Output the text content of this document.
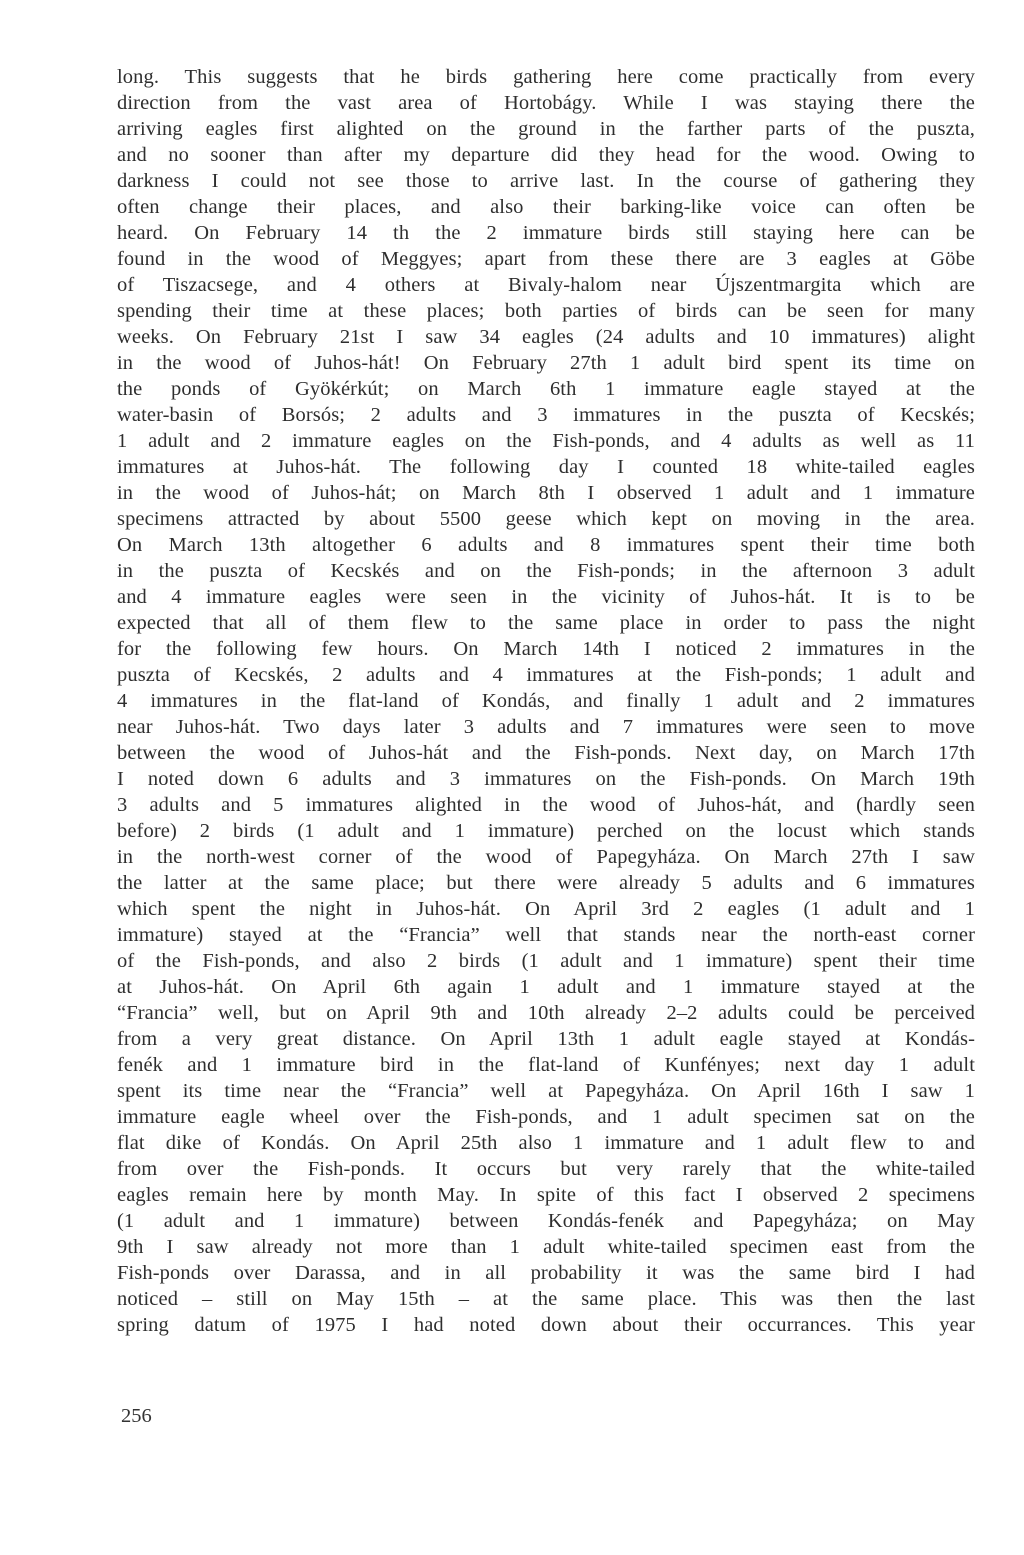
long. This suggests that he birds gathering here come practically from every
direction from the vast area of Hortobágy. While I was staying there the
arriving eagles first alighted on the ground in the farther parts of the puszta,
and no sooner than after my departure did they head for the wood. Owing to
darkness I could not see those to arrive last. In the course of gathering they
often change their places, and also their barking-like voice can often be
heard. On February 14 th the 2 immature birds still staying here can be
found in the wood of Meggyes; apart from these there are 3 eagles at Göbe
of Tiszacsege, and 4 others at Bivaly-halom near Újszentmargita which are
spending their time at these places; both parties of birds can be seen for many
weeks. On February 21st I saw 34 eagles (24 adults and 10 immatures) alight
in the wood of Juhos-hát! On February 27th 1 adult bird spent its time on
the ponds of Gyökérkút; on March 6th 1 immature eagle stayed at the
water-basin of Borsós; 2 adults and 3 immatures in the puszta of Kecskés;
1 adult and 2 immature eagles on the Fish-ponds, and 4 adults as well as 11
immatures at Juhos-hát. The following day I counted 18 white-tailed eagles
in the wood of Juhos-hát; on March 8th I observed 1 adult and 1 immature
specimens attracted by about 5500 geese which kept on moving in the area.
On March 13th altogether 6 adults and 8 immatures spent their time both
in the puszta of Kecskés and on the Fish-ponds; in the afternoon 3 adult
and 4 immature eagles were seen in the vicinity of Juhos-hát. It is to be
expected that all of them flew to the same place in order to pass the night
for the following few hours. On March 14th I noticed 2 immatures in the
puszta of Kecskés, 2 adults and 4 immatures at the Fish-ponds; 1 adult and
4 immatures in the flat-land of Kondás, and finally 1 adult and 2 immatures
near Juhos-hát. Two days later 3 adults and 7 immatures were seen to move
between the wood of Juhos-hát and the Fish-ponds. Next day, on March 17th
I noted down 6 adults and 3 immatures on the Fish-ponds. On March 19th
3 adults and 5 immatures alighted in the wood of Juhos-hát, and (hardly seen
before) 2 birds (1 adult and 1 immature) perched on the locust which stands
in the north-west corner of the wood of Papegyháza. On March 27th I saw
the latter at the same place; but there were already 5 adults and 6 immatures
which spent the night in Juhos-hát. On April 3rd 2 eagles (1 adult and 1
immature) stayed at the “Francia” well that stands near the north-east corner
of the Fish-ponds, and also 2 birds (1 adult and 1 immature) spent their time
at Juhos-hát. On April 6th again 1 adult and 1 immature stayed at the
“Francia” well, but on April 9th and 10th already 2–2 adults could be perceived
from a very great distance. On April 13th 1 adult eagle stayed at Kondás-
fenék and 1 immature bird in the flat-land of Kunfényes; next day 1 adult
spent its time near the “Francia” well at Papegyháza. On April 16th I saw 1
immature eagle wheel over the Fish-ponds, and 1 adult specimen sat on the
flat dike of Kondás. On April 25th also 1 immature and 1 adult flew to and
from over the Fish-ponds. It occurs but very rarely that the white-tailed
eagles remain here by month May. In spite of this fact I observed 2 specimens
(1 adult and 1 immature) between Kondás-fenék and Papegyháza; on May
9th I saw already not more than 1 adult white-tailed specimen east from the
Fish-ponds over Darassa, and in all probability it was the same bird I had
noticed – still on May 15th – at the same place. This was then the last
spring datum of 1975 I had noted down about their occurrances. This year
256
